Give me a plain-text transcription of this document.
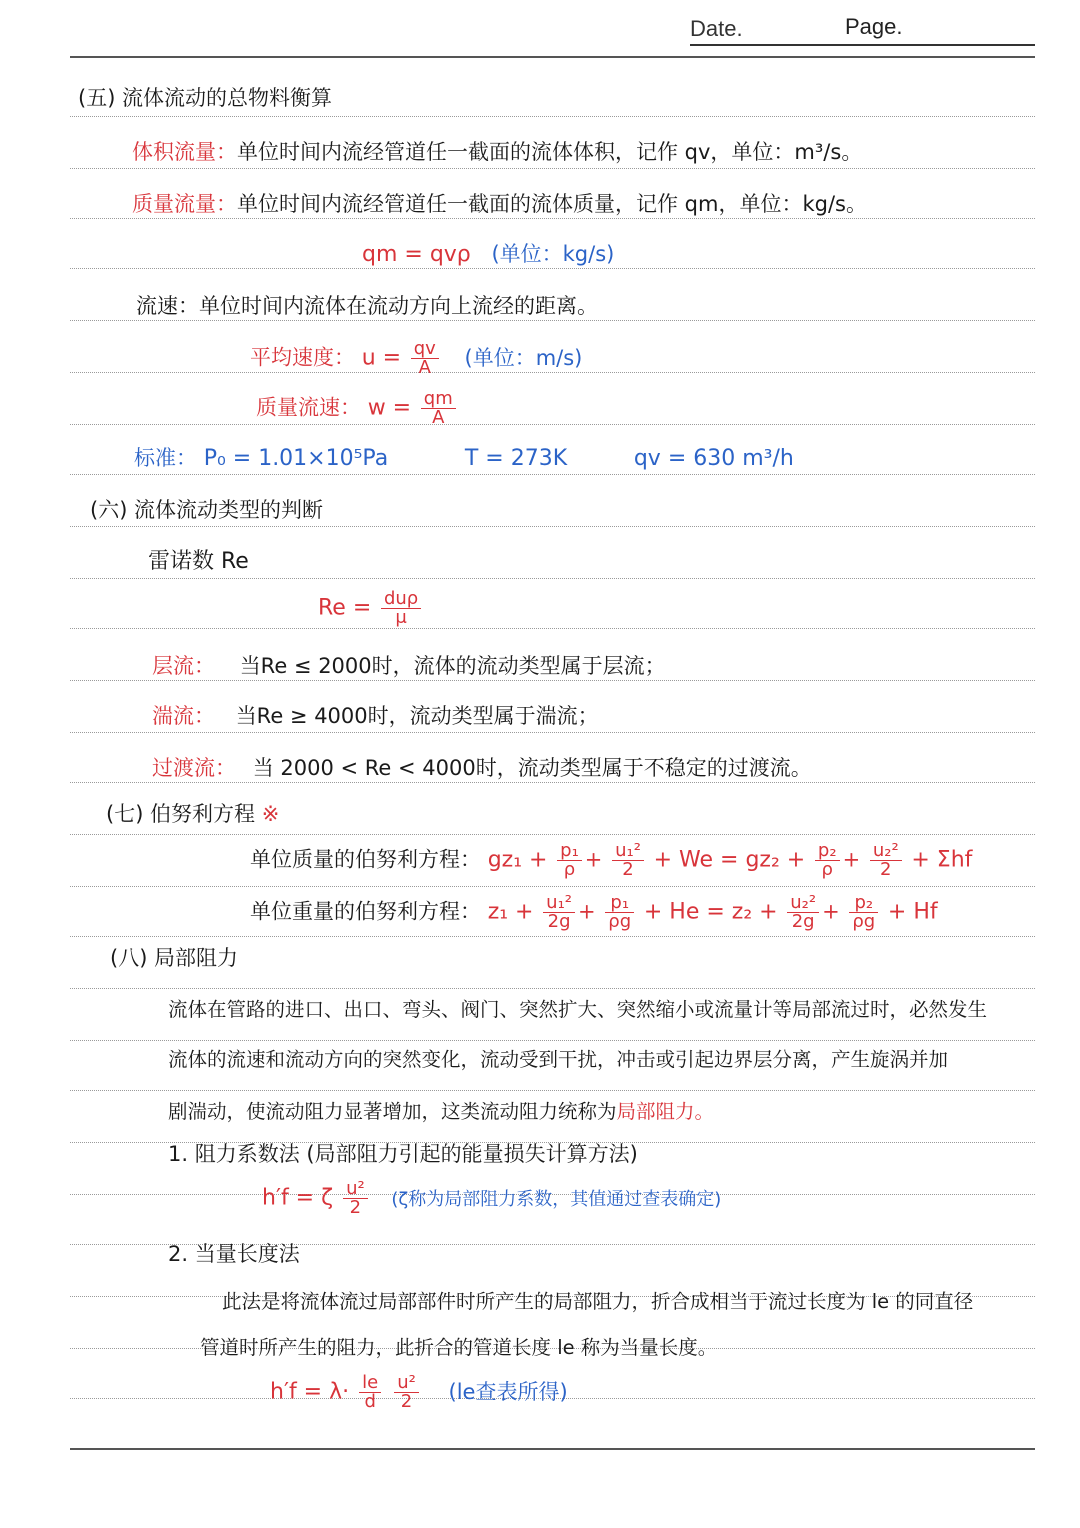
Date.	Page.
(五) 流体流动的总物料衡算
体积流量：单位时间内流经管道任一截面的流体体积，记作 qv，单位：m³/s。
质量流量：单位时间内流经管道任一截面的流体质量，记作 qm，单位：kg/s。
qm = qvρ (单位：kg/s)
流速：单位时间内流体在流动方向上流经的距离。
平均速度： $u = \frac{qv}{A}$ (单位：m/s)
质量流速： $w = \frac{qm}{A}$
标准： P₀ = 1.01×10⁵Pa	T = 273K	qv = 630 m³/h
(六) 流体流动类型的判断
雷诺数 Re
$Re = \frac{\text{duρ}}{\mu}$
层流： 当Re ≤ 2000时，流体的流动类型属于层流；
湍流： 当Re ≥ 4000时，流动类型属于湍流；
过渡流： 当 2000 < Re < 4000时，流动类型属于不稳定的过渡流。
(七) 伯努利方程 ※
单位质量的伯努利方程： $gz_1 + \frac{\text{p₁}}{\rho} + \frac{\text{u₁²}}{2} + We = gz_2 + \frac{\text{p₂}}{\rho} + \frac{\text{u₂²}}{2} + \Sigma hf$
单位重量的伯努利方程： $z_1 + \frac{\text{u₁²}}{2g} + \frac{\text{p₁}}{\rho g} + He = z_2 + \frac{\text{u₂²}}{2g} + \frac{\text{p₂}}{\rho g} + Hf$
(八) 局部阻力
流体在管路的进口、出口、弯头、阀门、突然扩大、突然缩小或流量计等局部流过时，必然发生
流体的流速和流动方向的突然变化，流动受到干扰，冲击或引起边界层分离，产生旋涡并加
剧湍动，使流动阻力显著增加，这类流动阻力统称为局部阻力。
1. 阻力系数法 (局部阻力引起的能量损失计算方法)
h′f = ζ $\frac{\text{u²}}{2} (\zeta$称为局部阻力系数，其值通过查表确定)
2. 当量长度法
此法是将流体流过局部部件时所产生的局部阻力，折合成相当于流过长度为 le 的同直径
管道时所产生的阻力，此折合的管道长度 le 称为当量长度。
$h'f = \lambda\cdot \frac{le}{d}$
$\frac{\text{u²}}{2} (le$查表所得)
